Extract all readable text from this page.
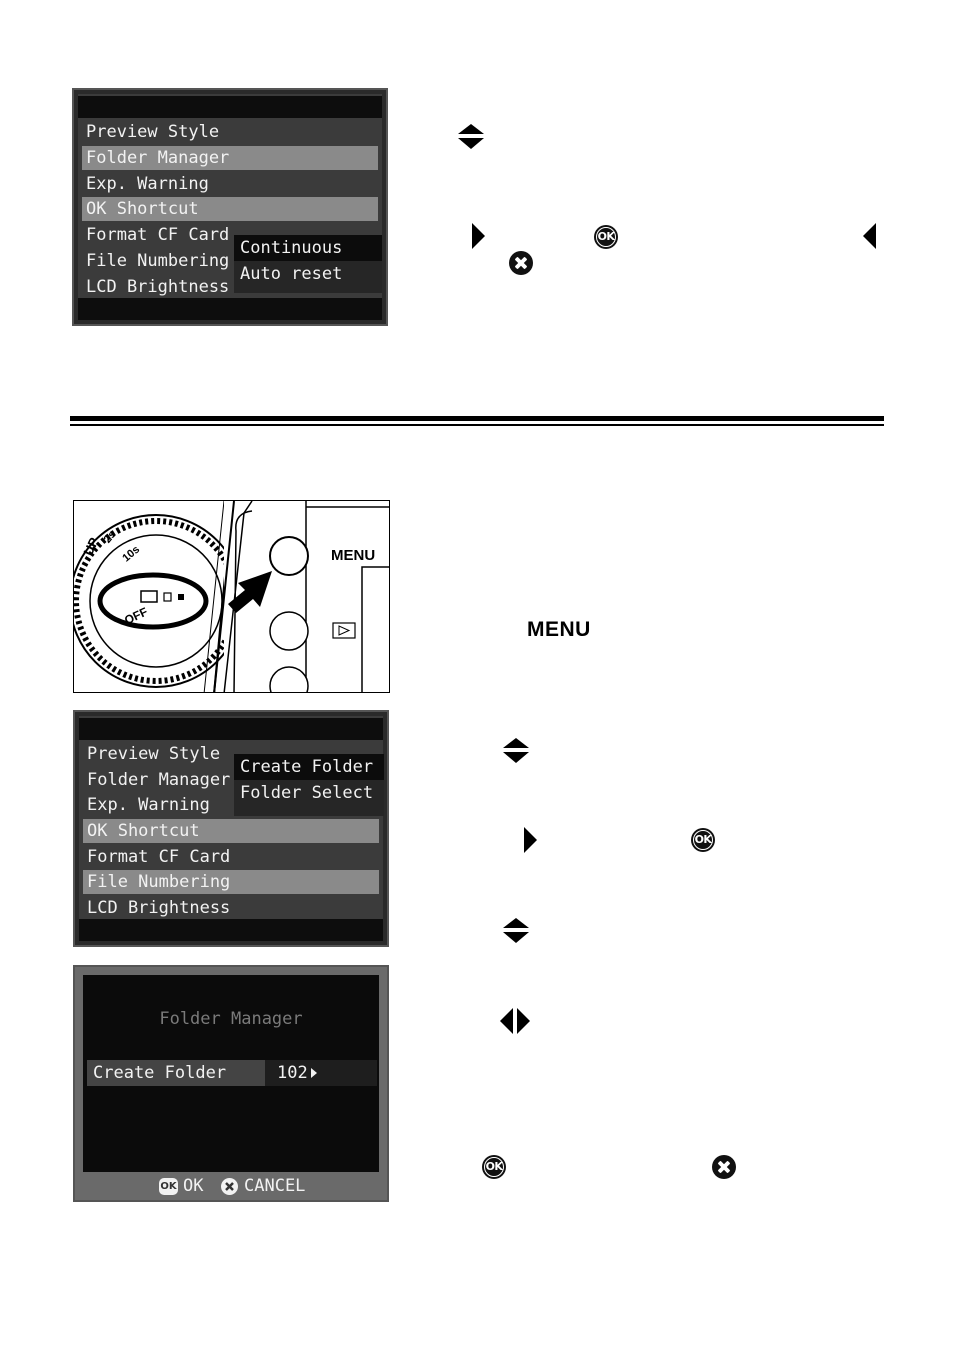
Preview Style
Folder Manager
Exp. Warning
OK Shortcut
Format CF Card
File Numbering
LCD Brightness
Continuous
Auto reset
OK
MENU
UP 2s
10s
OFF
MENU
Preview Style
Folder Manager
Exp. Warning
OK Shortcut
Format CF Card
File Numbering
LCD Brightness
Create Folder
Folder Select
OK
Folder Manager
Create Folder	102
OK OK CANCEL
OK
